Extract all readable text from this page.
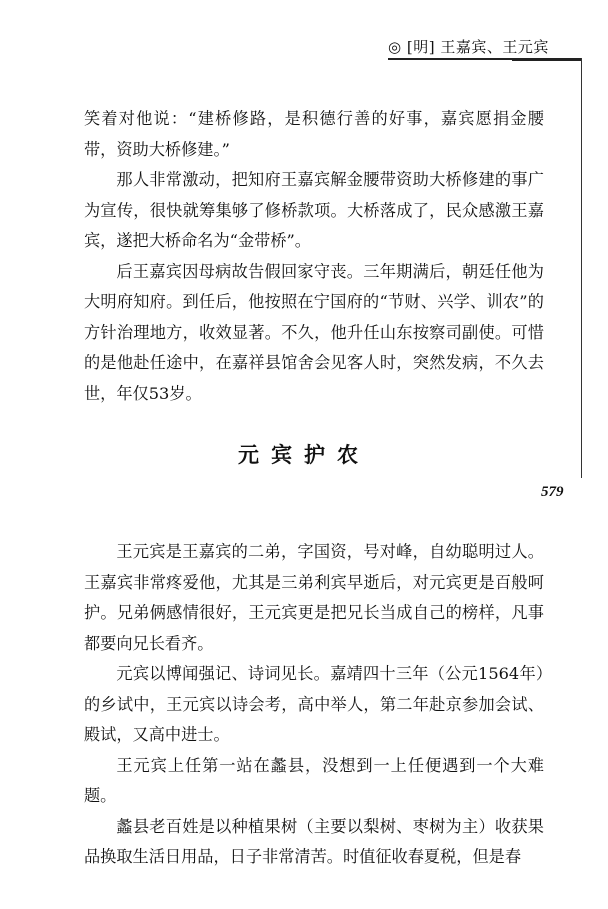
◎ [明] 王嘉宾、王元宾

笑着对他说：“建桥修路，是积德行善的好事，嘉宾愿捐金腰带，资助大桥修建。”

那人非常激动，把知府王嘉宾解金腰带资助大桥修建的事广为宣传，很快就筹集够了修桥款项。大桥落成了，民众感激王嘉宾，遂把大桥命名为“金带桥”。

后王嘉宾因母病故告假回家守丧。三年期满后，朝廷任他为大明府知府。到任后，他按照在宁国府的“节财、兴学、训农”的方针治理地方，收效显著。不久，他升任山东按察司副使。可惜的是他赴任途中，在嘉祥县馆舍会见客人时，突然发病，不久去世，年仅53岁。

元宾护农
579

王元宾是王嘉宾的二弟，字国资，号对峰，自幼聪明过人。王嘉宾非常疼爱他，尤其是三弟利宾早逝后，对元宾更是百般呵护。兄弟俩感情很好，王元宾更是把兄长当成自己的榜样，凡事都要向兄长看齐。

元宾以博闻强记、诗词见长。嘉靖四十三年（公元1564年）的乡试中，王元宾以诗会考，高中举人，第二年赴京参加会试、殿试，又高中进士。

王元宾上任第一站在蠡县，没想到一上任便遇到一个大难题。

蠡县老百姓是以种植果树（主要以梨树、枣树为主）收获果品换取生活日用品，日子非常清苦。时值征收春夏税，但是春
